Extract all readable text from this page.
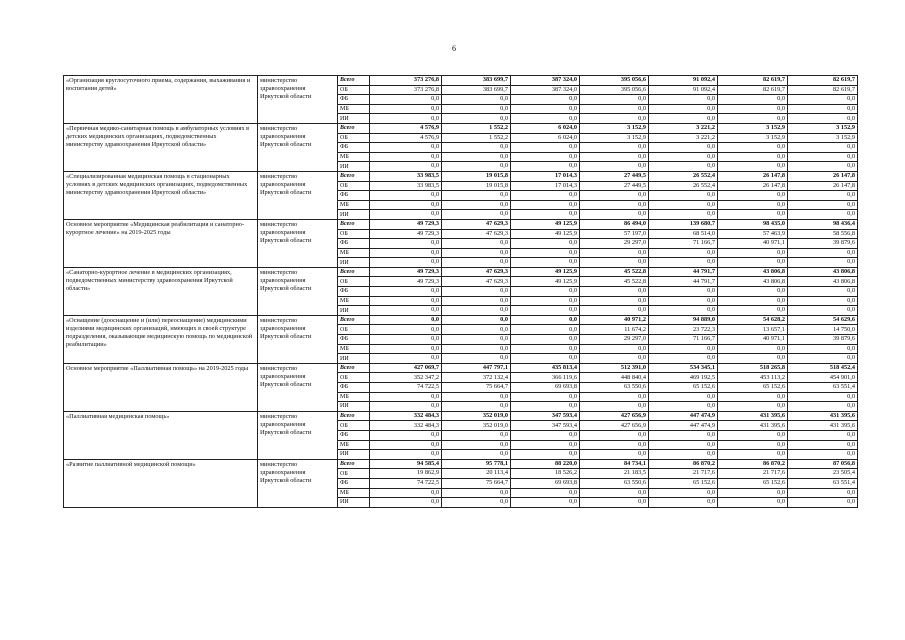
6
«Организация круглосуточного приема, содержания, выхаживания и воспитания детей»	министерство здравоохранения Иркутской области	Всего	373 276,8	383 699,7	387 324,0	395 056,6	91 092,4	82 619,7	82 619,7
		ОБ	373 276,8	383 699,7	387 324,0	395 056,6	91 092,4	82 619,7	82 619,7
		ФБ	0,0	0,0	0,0	0,0	0,0	0,0	0,0
		МБ	0,0	0,0	0,0	0,0	0,0	0,0	0,0
		ИИ	0,0	0,0	0,0	0,0	0,0	0,0	0,0
«Первичная медико-санитарная помощь в амбулаторных условиях в детских медицинских организациях, подведомственных министерству здравоохранения Иркутской области»	министерство здравоохранения Иркутской области	Всего	4 576,9	1 552,2	6 024,0	3 152,9	3 221,2	3 152,9	3 152,9
		ОБ	4 576,9	1 552,2	6 024,0	3 152,9	3 221,2	3 152,9	3 152,9
		ФБ	0,0	0,0	0,0	0,0	0,0	0,0	0,0
		МБ	0,0	0,0	0,0	0,0	0,0	0,0	0,0
		ИИ	0,0	0,0	0,0	0,0	0,0	0,0	0,0
«Специализированная медицинская помощь в стационарных условиях в детских медицинских организациях, подведомственных министерству здравоохранения Иркутской области»	министерство здравоохранения Иркутской области	Всего	33 983,5	19 015,8	17 014,3	27 449,5	26 552,4	26 147,8	26 147,8
		ОБ	33 983,5	19 015,8	17 014,3	27 449,5	26 552,4	26 147,8	26 147,8
		ФБ	0,0	0,0	0,0	0,0	0,0	0,0	0,0
		МБ	0,0	0,0	0,0	0,0	0,0	0,0	0,0
		ИИ	0,0	0,0	0,0	0,0	0,0	0,0	0,0
Основное мероприятие «Медицинская реабилитация и санаторно-курортное лечение» на 2019-2025 годы	министерство здравоохранения Иркутской области	Всего	49 729,3	47 629,3	49 125,9	86 494,0	139 680,7	98 435,0	98 436,4
		ОБ	49 729,3	47 629,3	49 125,9	57 197,0	68 514,0	57 463,9	58 556,8
		ФБ	0,0	0,0	0,0	29 297,0	71 166,7	40 971,1	39 879,6
		МБ	0,0	0,0	0,0	0,0	0,0	0,0	0,0
		ИИ	0,0	0,0	0,0	0,0	0,0	0,0	0,0
«Санаторно-курортное лечение в медицинских организациях, подведомственных министерству здравоохранения Иркутской области»	министерство здравоохранения Иркутской области	Всего	49 729,3	47 629,3	49 125,9	45 522,8	44 791,7	43 806,8	43 806,8
		ОБ	49 729,3	47 629,3	49 125,9	45 522,8	44 791,7	43 806,8	43 806,8
		ФБ	0,0	0,0	0,0	0,0	0,0	0,0	0,0
		МБ	0,0	0,0	0,0	0,0	0,0	0,0	0,0
		ИИ	0,0	0,0	0,0	0,0	0,0	0,0	0,0
«Оснащение (дооснащение и (или) переоснащение) медицинскими изделиями медицинских организаций, имеющих в своей структуре подразделения, оказывающие медицинскую помощь по медицинской реабилитации»	министерство здравоохранения Иркутской области	Всего	0,0	0,0	0,0	40 971,2	94 889,0	54 628,2	54 629,6
		ОБ	0,0	0,0	0,0	11 674,2	23 722,3	13 657,1	14 750,0
		ФБ	0,0	0,0	0,0	29 297,0	71 166,7	40 971,1	39 879,6
		МБ	0,0	0,0	0,0	0,0	0,0	0,0	0,0
		ИИ	0,0	0,0	0,0	0,0	0,0	0,0	0,0
Основное мероприятие «Паллиативная помощь» на 2019-2025 годы	министерство здравоохранения Иркутской области	Всего	427 069,7	447 797,1	435 813,4	512 391,0	534 345,1	518 265,8	518 452,4
		ОБ	352 347,2	372 132,4	366 119,6	448 840,4	469 192,5	453 113,2	454 901,0
		ФБ	74 722,5	75 664,7	69 693,8	63 550,6	65 152,6	65 152,6	63 551,4
		МБ	0,0	0,0	0,0	0,0	0,0	0,0	0,0
		ИИ	0,0	0,0	0,0	0,0	0,0	0,0	0,0
«Паллиативная медицинская помощь»	министерство здравоохранения Иркутской области	Всего	332 484,3	352 019,0	347 593,4	427 656,9	447 474,9	431 395,6	431 395,6
		ОБ	332 484,3	352 019,0	347 593,4	427 656,9	447 474,9	431 395,6	431 395,6
		ФБ	0,0	0,0	0,0	0,0	0,0	0,0	0,0
		МБ	0,0	0,0	0,0	0,0	0,0	0,0	0,0
		ИИ	0,0	0,0	0,0	0,0	0,0	0,0	0,0
«Развитие паллиативной медицинской помощи»	министерство здравоохранения Иркутской области	Всего	94 585,4	95 778,1	88 220,0	84 734,1	86 870,2	86 870,2	87 056,8
		ОБ	19 862,9	20 113,4	18 526,2	21 183,5	21 717,6	21 717,6	23 505,4
		ФБ	74 722,5	75 664,7	69 693,8	63 550,6	65 152,6	65 152,6	63 551,4
		МБ	0,0	0,0	0,0	0,0	0,0	0,0	0,0
		ИИ	0,0	0,0	0,0	0,0	0,0	0,0	0,0
